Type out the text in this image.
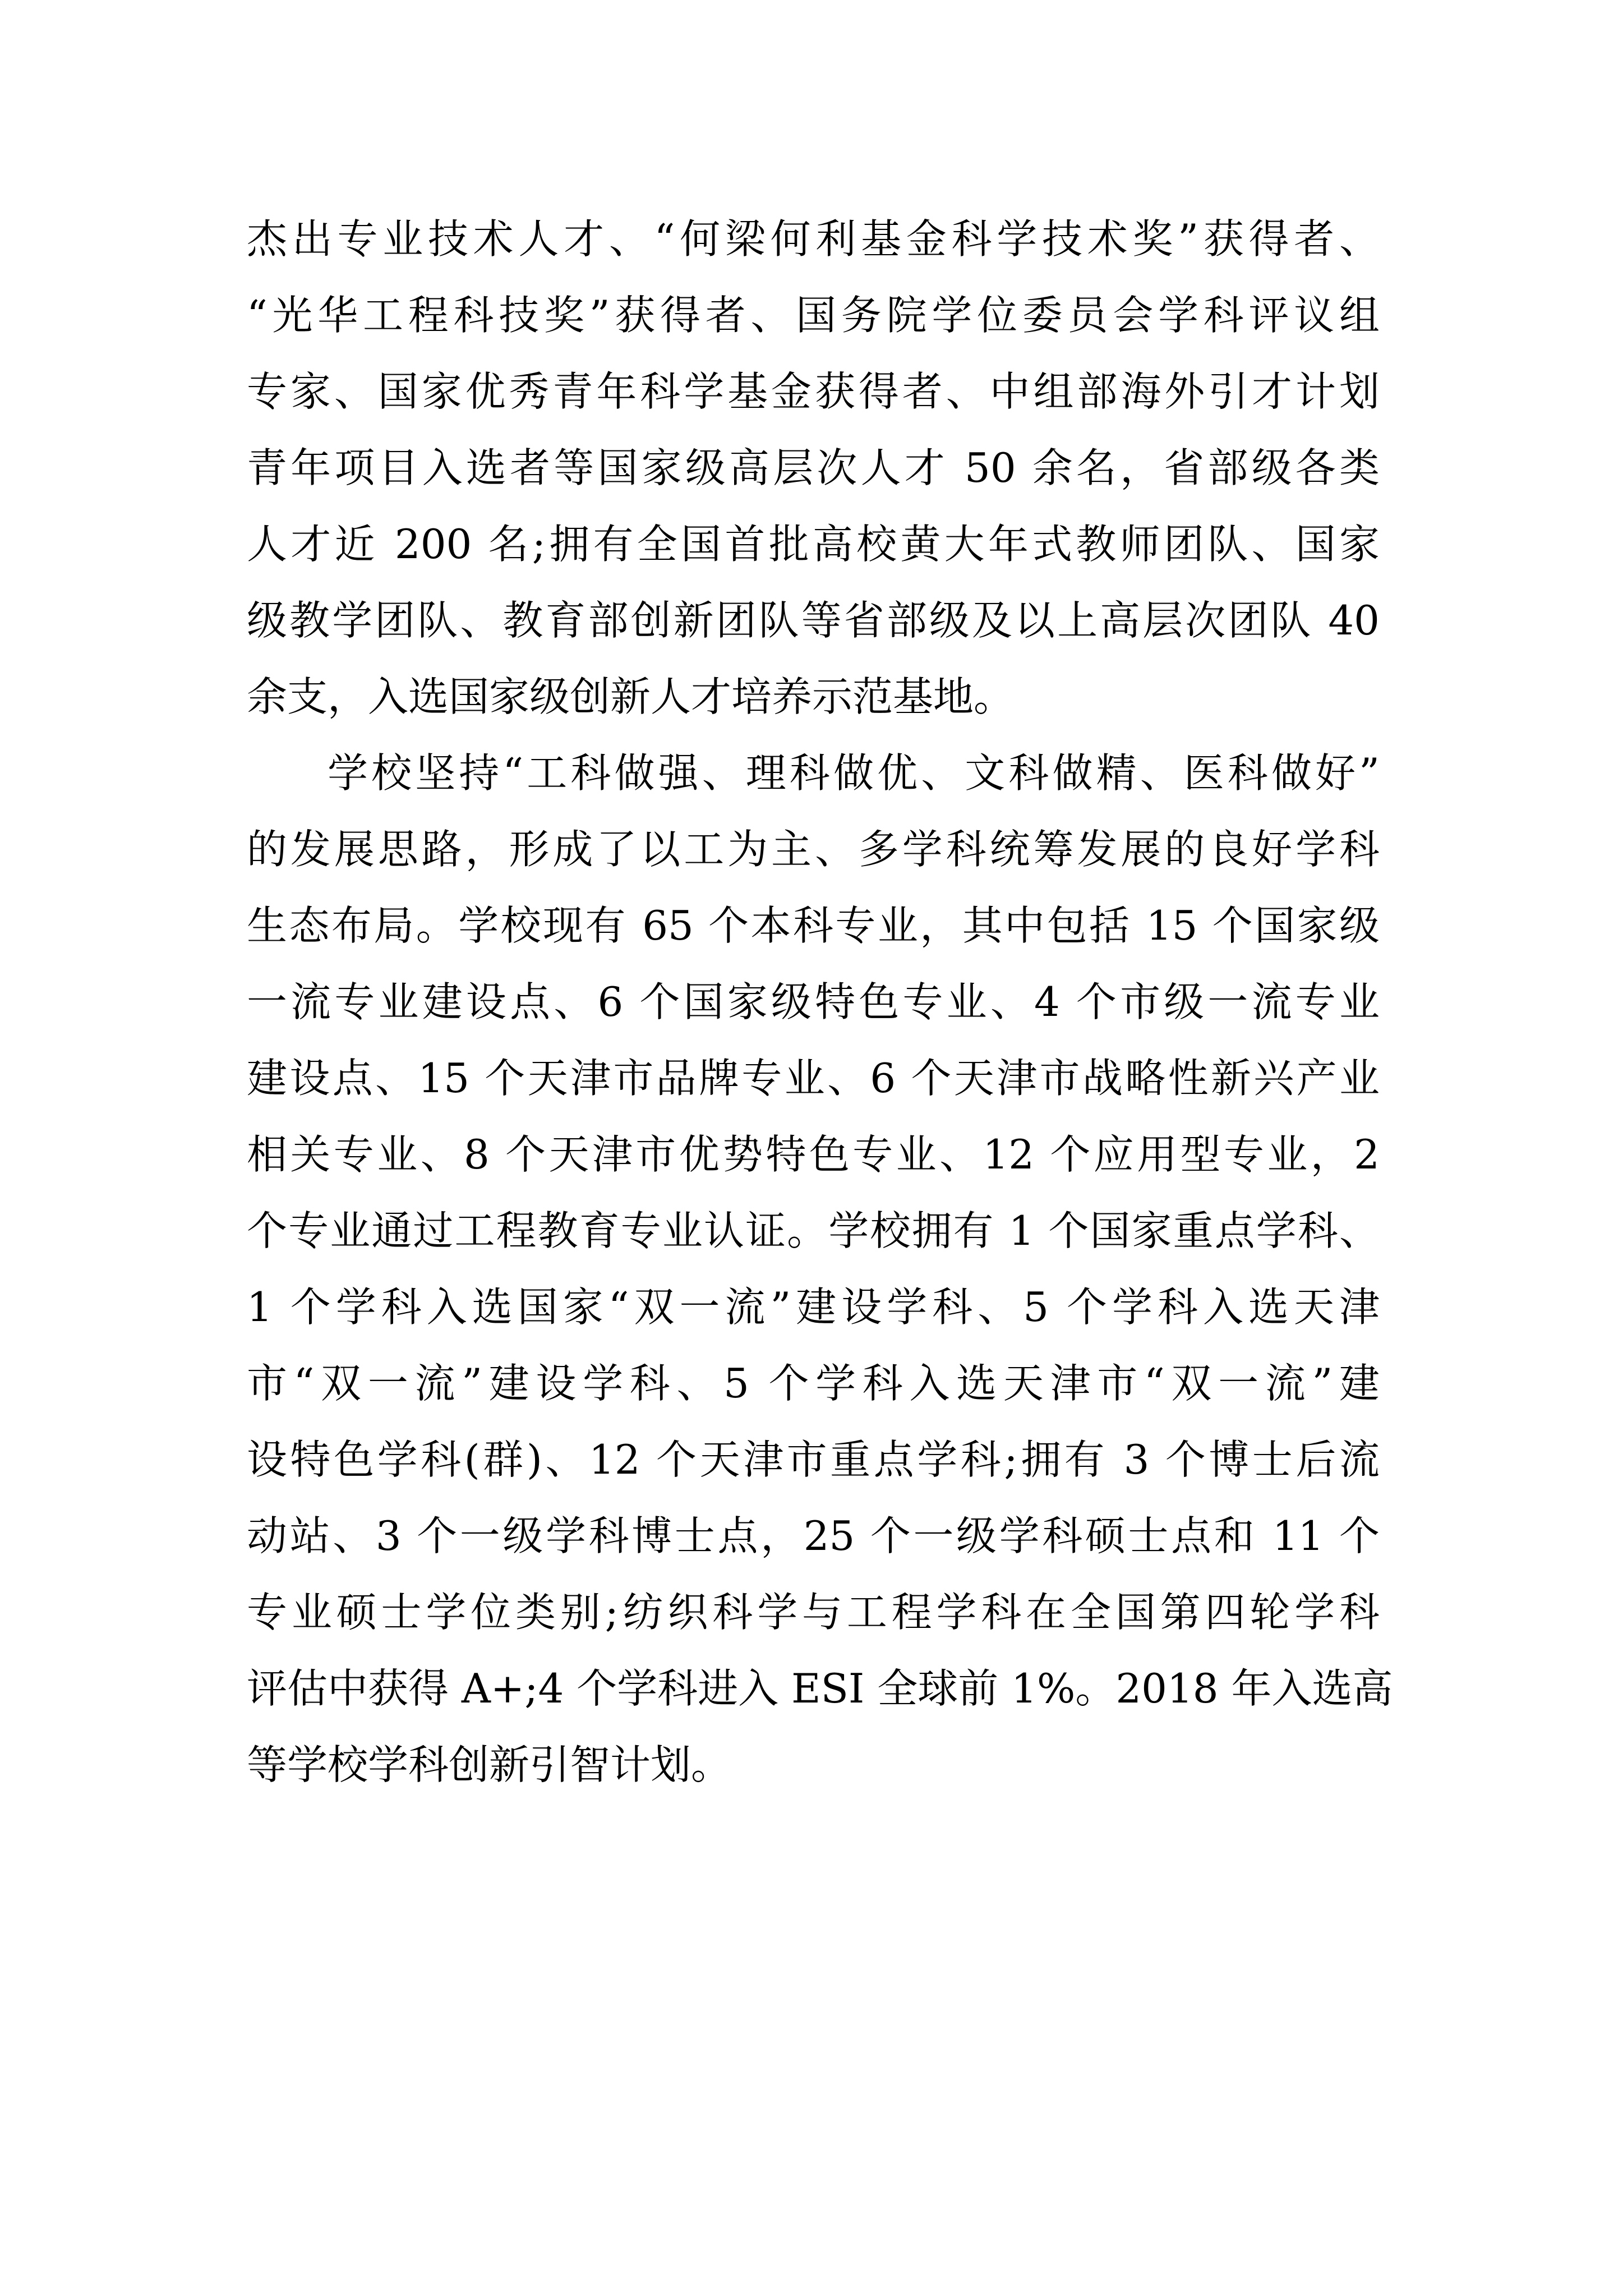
杰出专业技术人才、“何梁何利基金科学技术奖”获得者、
“光华工程科技奖”获得者、国务院学位委员会学科评议组
专家、国家优秀青年科学基金获得者、中组部海外引才计划
青年项目入选者等国家级高层次人才 50 余名，省部级各类
人才近 200 名;拥有全国首批高校黄大年式教师团队、国家
级教学团队、教育部创新团队等省部级及以上高层次团队 40
余支，入选国家级创新人才培养示范基地。
学校坚持“工科做强、理科做优、文科做精、医科做好”
的发展思路，形成了以工为主、多学科统筹发展的良好学科
生态布局。学校现有 65 个本科专业，其中包括 15 个国家级
一流专业建设点、6 个国家级特色专业、4 个市级一流专业
建设点、15 个天津市品牌专业、6 个天津市战略性新兴产业
相关专业、8 个天津市优势特色专业、12 个应用型专业，2
个专业通过工程教育专业认证。学校拥有 1 个国家重点学科、
1 个学科入选国家“双一流”建设学科、5 个学科入选天津
市“双一流”建设学科、5 个学科入选天津市“双一流”建
设特色学科(群)、12 个天津市重点学科;拥有 3 个博士后流
动站、3 个一级学科博士点，25 个一级学科硕士点和 11 个
专业硕士学位类别;纺织科学与工程学科在全国第四轮学科
评估中获得 A+;4 个学科进入 ESI 全球前 1%。2018 年入选高
等学校学科创新引智计划。
